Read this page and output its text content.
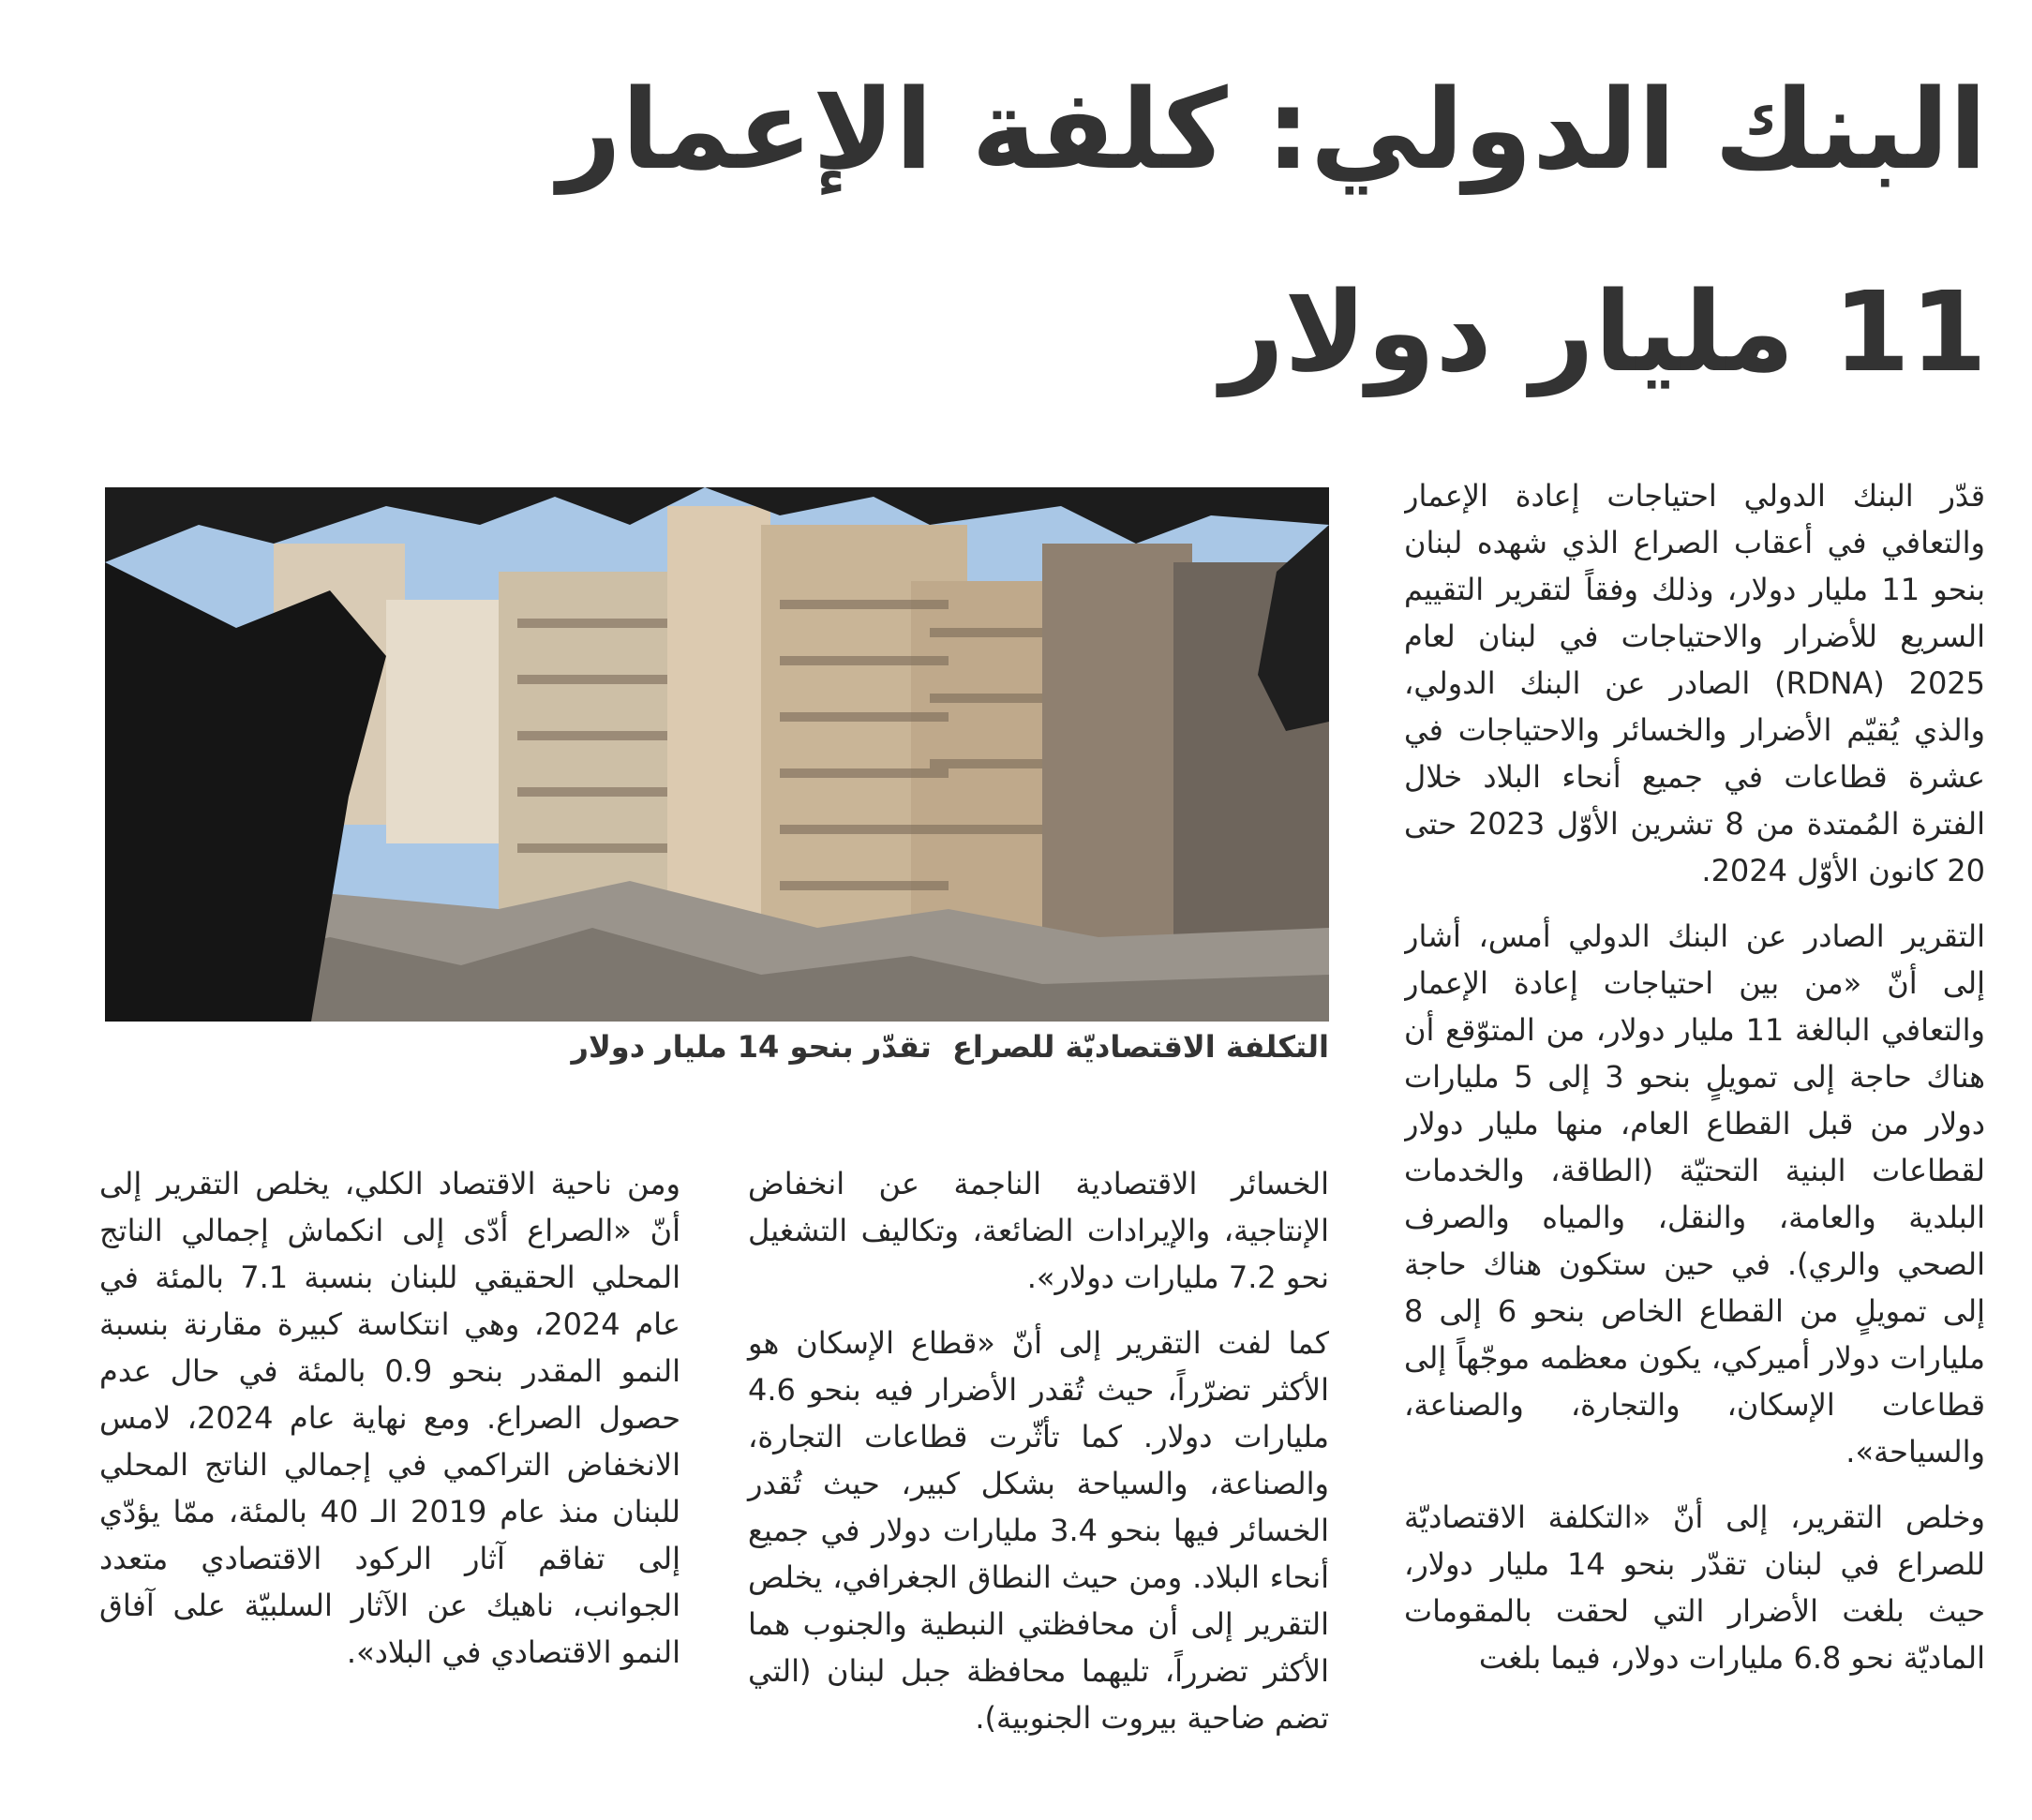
البنك الدولي: كلفة الإعمار
11 مليار دولار
التكلفة الاقتصاديّة للصراع  تقدّر بنحو 14 مليار دولار

قدّر البنك الدولي احتياجات إعادة الإعمار والتعافي في أعقاب الصراع الذي شهده لبنان بنحو 11 مليار دولار، وذلك وفقاً لتقرير التقييم السريع للأضرار والاحتياجات في لبنان لعام 2025 (RDNA) الصادر عن البنك الدولي، والذي يُقيّم الأضرار والخسائر والاحتياجات في عشرة قطاعات في جميع أنحاء البلاد خلال الفترة المُمتدة من 8 تشرين الأوّل 2023 حتى 20 كانون الأوّل 2024.

التقرير الصادر عن البنك الدولي أمس، أشار إلى أنّ «من بين احتياجات إعادة الإعمار والتعافي البالغة 11 مليار دولار، من المتوّقع أن هناك حاجة إلى تمويلٍ بنحو 3 إلى 5 مليارات دولار من قبل القطاع العام، منها مليار دولار لقطاعات البنية التحتيّة (الطاقة، والخدمات البلدية والعامة، والنقل، والمياه والصرف الصحي والري). في حين ستكون هناك حاجة إلى تمويلٍ من القطاع الخاص بنحو 6 إلى 8 مليارات دولار أميركي، يكون معظمه موجّهاً إلى قطاعات الإسكان، والتجارة، والصناعة، والسياحة».

وخلص التقرير، إلى أنّ «التكلفة الاقتصاديّة للصراع في لبنان تقدّر بنحو 14 مليار دولار، حيث بلغت الأضرار التي لحقت بالمقومات الماديّة نحو 6.8 مليارات دولار، فيما بلغت

الخسائر الاقتصادية الناجمة عن انخفاض الإنتاجية، والإيرادات الضائعة، وتكاليف التشغيل نحو 7.2 مليارات دولار».

كما لفت التقرير إلى أنّ «قطاع الإسكان هو الأكثر تضرّراً، حيث تُقدر الأضرار فيه بنحو 4.6 مليارات دولار. كما تأثّرت قطاعات التجارة، والصناعة، والسياحة بشكل كبير، حيث تُقدر الخسائر فيها بنحو 3.4 مليارات دولار في جميع أنحاء البلاد. ومن حيث النطاق الجغرافي، يخلص التقرير إلى أن محافظتي النبطية والجنوب هما الأكثر تضرراً، تليهما محافظة جبل لبنان (التي تضم ضاحية بيروت الجنوبية).

ومن ناحية الاقتصاد الكلي، يخلص التقرير إلى أنّ «الصراع أدّى إلى انكماش إجمالي الناتج المحلي الحقيقي للبنان بنسبة 7.1 بالمئة في عام 2024، وهي انتكاسة كبيرة مقارنة بنسبة النمو المقدر بنحو 0.9 بالمئة في حال عدم حصول الصراع. ومع نهاية عام 2024، لامس الانخفاض التراكمي في إجمالي الناتج المحلي للبنان منذ عام 2019 الـ 40 بالمئة، ممّا يؤدّي إلى تفاقم آثار الركود الاقتصادي متعدد الجوانب، ناهيك عن الآثار السلبيّة على آفاق النمو الاقتصادي في البلاد».
